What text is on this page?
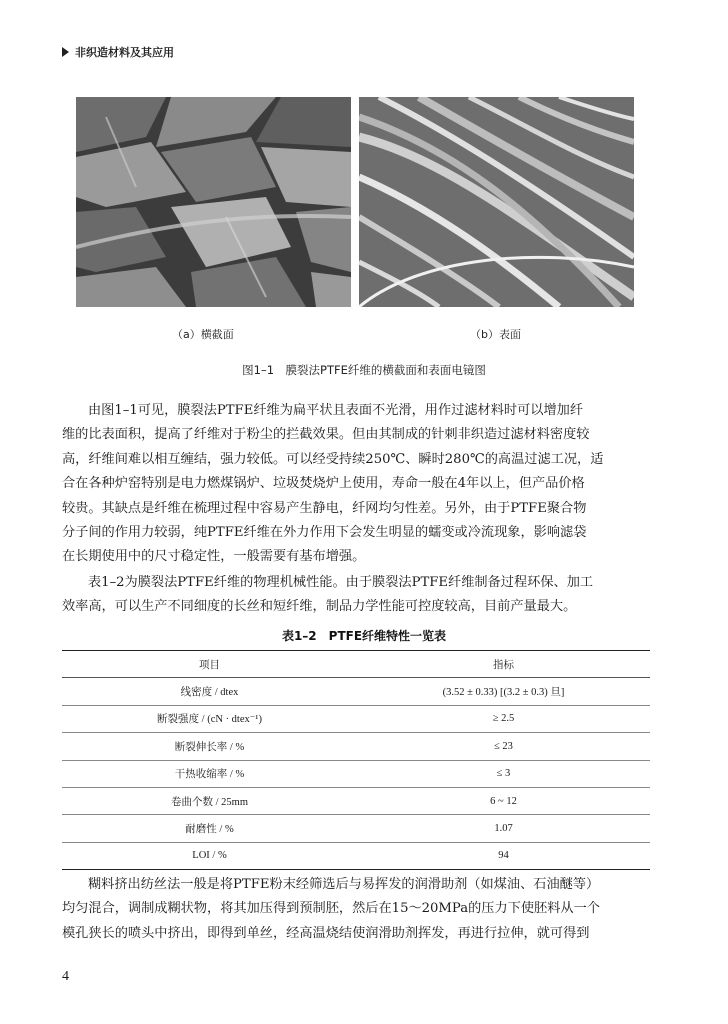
非织造材料及其应用
（a）横截面	（b）表面
图1–1　膜裂法PTFE纤维的横截面和表面电镜图

由图1–1可见，膜裂法PTFE纤维为扁平状且表面不光滑，用作过滤材料时可以增加纤
维的比表面积，提高了纤维对于粉尘的拦截效果。但由其制成的针刺非织造过滤材料密度较
高，纤维间难以相互缠结，强力较低。可以经受持续250℃、瞬时280℃的高温过滤工况，适
合在各种炉窑特别是电力燃煤锅炉、垃圾焚烧炉上使用，寿命一般在4年以上，但产品价格
较贵。其缺点是纤维在梳理过程中容易产生静电，纤网均匀性差。另外，由于PTFE聚合物
分子间的作用力较弱，纯PTFE纤维在外力作用下会发生明显的蠕变或冷流现象，影响滤袋
在长期使用中的尺寸稳定性，一般需要有基布增强。

表1–2为膜裂法PTFE纤维的物理机械性能。由于膜裂法PTFE纤维制备过程环保、加工
效率高，可以生产不同细度的长丝和短纤维，制品力学性能可控度较高，目前产量最大。

表1–2　PTFE纤维特性一览表
项目	指标
线密度 / dtex	(3.52 ± 0.33) [(3.2 ± 0.3) 旦]
断裂强度 / (cN · dtex⁻¹)	≥ 2.5
断裂伸长率 / %	≤ 23
干热收缩率 / %	≤ 3
卷曲个数 / 25mm	6 ~ 12
耐磨性 / %	1.07
LOI / %	94

糊料挤出纺丝法一般是将PTFE粉末经筛选后与易挥发的润滑助剂（如煤油、石油醚等）
均匀混合，调制成糊状物，将其加压得到预制胚，然后在15～20MPa的压力下使胚料从一个
模孔狭长的喷头中挤出，即得到单丝，经高温烧结使润滑助剂挥发，再进行拉伸，就可得到

4
